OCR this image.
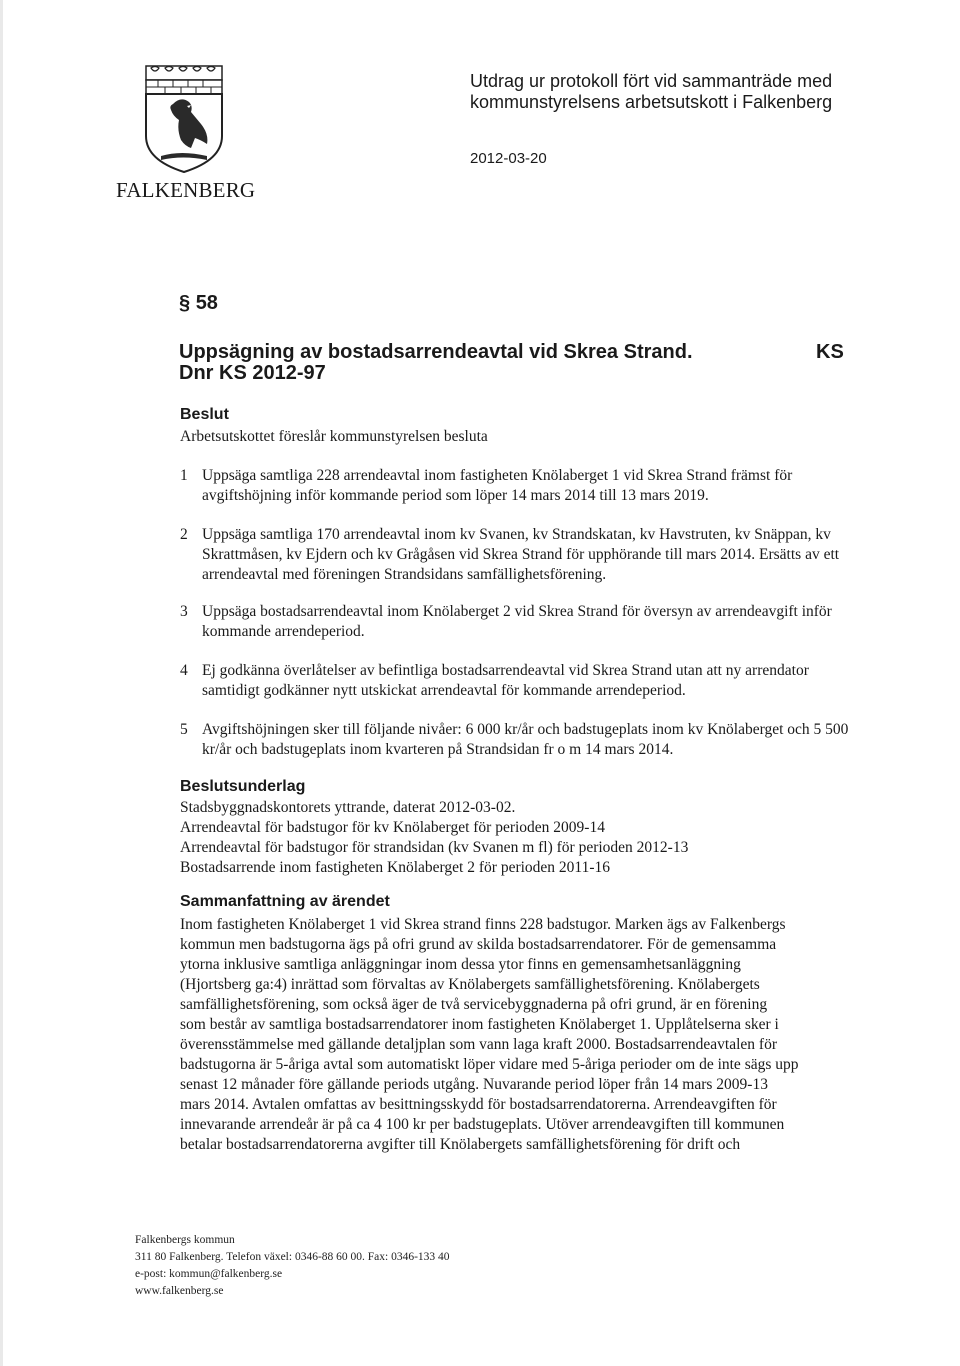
FALKENBERG
Utdrag ur protokoll fört vid sammanträde med
kommunstyrelsens arbetsutskott i Falkenberg
2012-03-20
§ 58
Uppsägning av bostadsarrendeavtal vid Skrea Strand.
Dnr KS 2012-97
KS
Beslut
Arbetsutskottet föreslår kommunstyrelsen besluta
1 Uppsäga samtliga 228 arrendeavtal inom fastigheten Knölaberget 1 vid Skrea Strand främst för avgiftshöjning inför kommande period som löper 14 mars 2014 till 13 mars 2019.
2 Uppsäga samtliga 170 arrendeavtal inom kv Svanen, kv Strandskatan, kv Havstruten, kv Snäppan, kv Skrattmåsen, kv Ejdern och kv Grågåsen vid Skrea Strand för upphörande till mars 2014. Ersätts av ett arrendeavtal med föreningen Strandsidans samfällighetsförening.
3 Uppsäga bostadsarrendeavtal inom Knölaberget 2 vid Skrea Strand för översyn av arrendeavgift inför kommande arrendeperiod.
4 Ej godkänna överlåtelser av befintliga bostadsarrendeavtal vid Skrea Strand utan att ny arrendator samtidigt godkänner nytt utskickat arrendeavtal för kommande arrendeperiod.
5 Avgiftshöjningen sker till följande nivåer: 6 000 kr/år och badstugeplats inom kv Knölaberget och 5 500 kr/år och badstugeplats inom kvarteren på Strandsidan fr o m 14 mars 2014.
Beslutsunderlag
Stadsbyggnadskontorets yttrande, daterat 2012-03-02.
Arrendeavtal för badstugor för kv Knölaberget för perioden 2009-14
Arrendeavtal för badstugor för strandsidan (kv Svanen m fl) för perioden 2012-13
Bostadsarrende inom fastigheten Knölaberget 2 för perioden 2011-16
Sammanfattning av ärendet
Inom fastigheten Knölaberget 1 vid Skrea strand finns 228 badstugor. Marken ägs av Falkenbergs
kommun men badstugorna ägs på ofri grund av skilda bostadsarrendatorer. För de gemensamma
ytorna inklusive samtliga anläggningar inom dessa ytor finns en gemensamhetsanläggning
(Hjortsberg ga:4) inrättad som förvaltas av Knölabergets samfällighetsförening. Knölabergets
samfällighetsförening, som också äger de två servicebyggnaderna på ofri grund, är en förening
som består av samtliga bostadsarrendatorer inom fastigheten Knölaberget 1. Upplåtelserna sker i
överensstämmelse med gällande detaljplan som vann laga kraft 2000. Bostadsarrendeavtalen för
badstugorna är 5-åriga avtal som automatiskt löper vidare med 5-åriga perioder om de inte sägs upp
senast 12 månader före gällande periods utgång. Nuvarande period löper från 14 mars 2009-13
mars 2014. Avtalen omfattas av besittningsskydd för bostadsarrendatorerna. Arrendeavgiften för
innevarande arrendeår är på ca 4 100 kr per badstugeplats. Utöver arrendeavgiften till kommunen
betalar bostadsarrendatorerna avgifter till Knölabergets samfällighetsförening för drift och
Falkenbergs kommun
311 80 Falkenberg. Telefon växel: 0346-88 60 00. Fax: 0346-133 40
e-post: kommun@falkenberg.se
www.falkenberg.se
